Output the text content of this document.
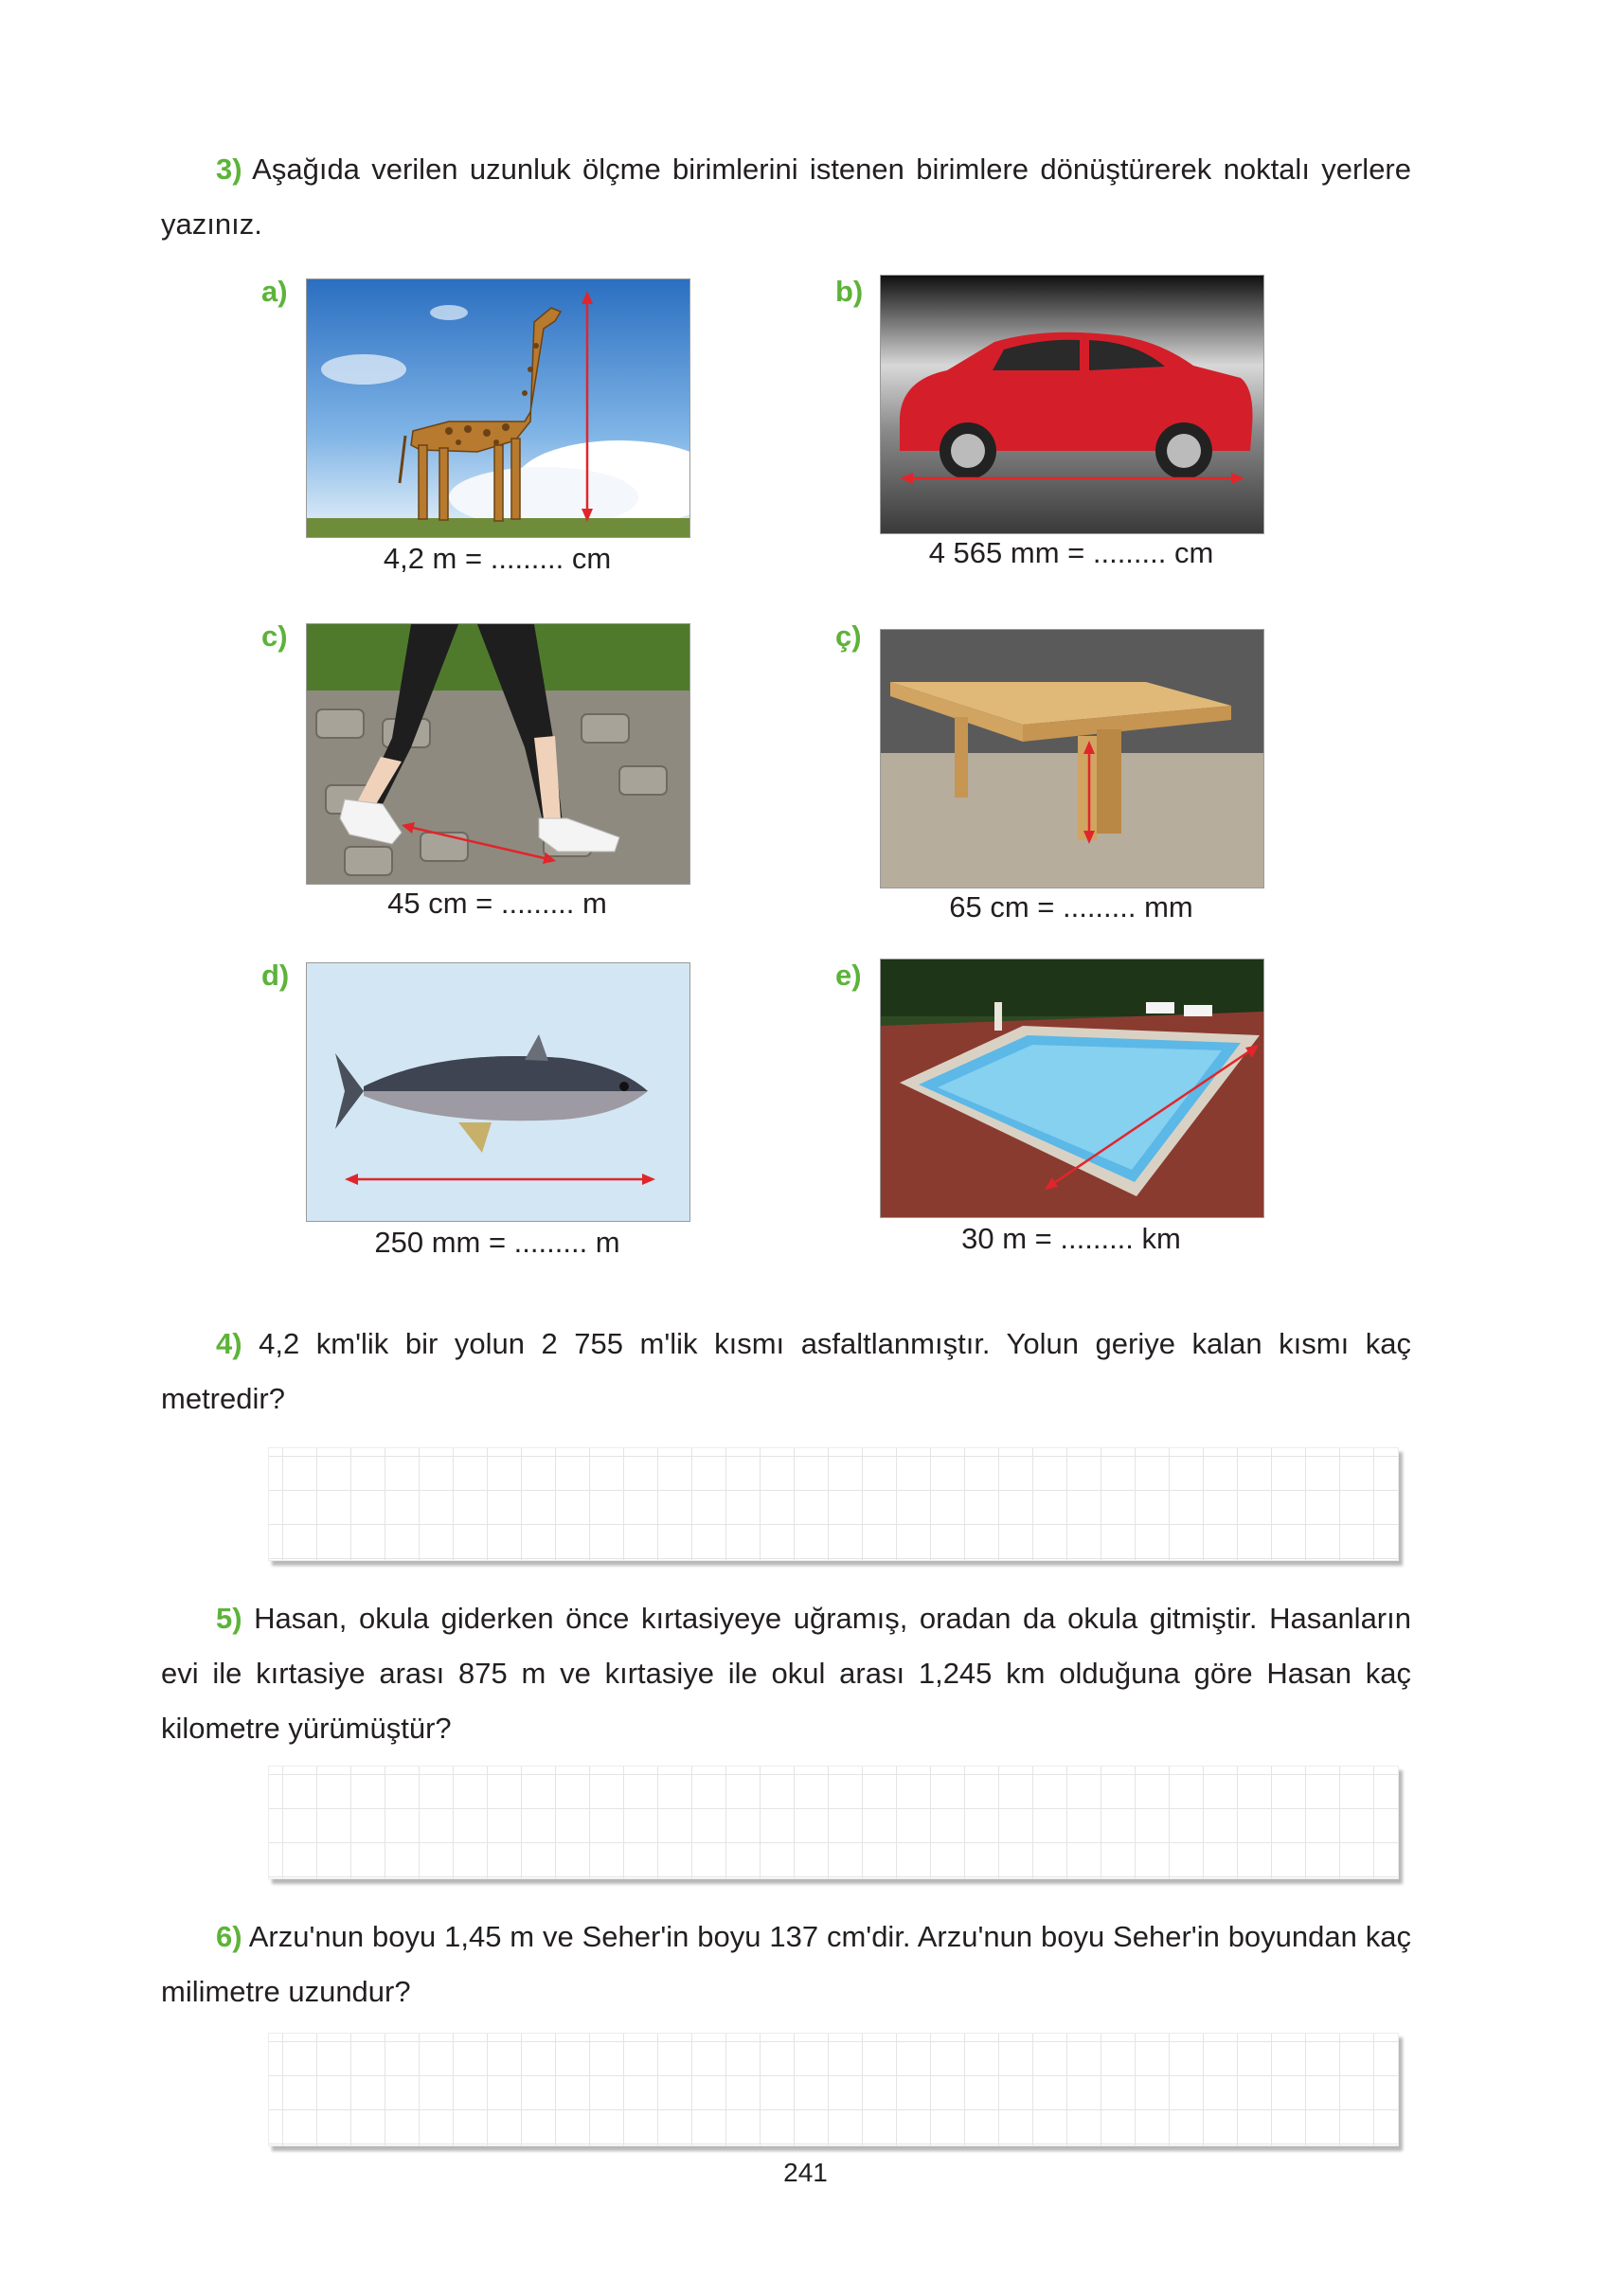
3) Aşağıda verilen uzunluk ölçme birimlerini istenen birimlere dönüştürerek noktalı yerlere yazınız.

a)
4,2 m = ......... cm
b)
4 565 mm = ......... cm
c)
45 cm = ......... m
ç)
65 cm = ......... mm
d)
250 mm = ......... m
e)
30 m = ......... km

4) 4,2 km'lik bir yolun 2 755 m'lik kısmı asfaltlanmıştır. Yolun geriye kalan kısmı kaç metredir?

5) Hasan, okula giderken önce kırtasiyeye uğramış, oradan da okula gitmiştir. Hasanların evi ile kırtasiye arası 875 m ve kırtasiye ile okul arası 1,245 km olduğuna göre Hasan kaç kilometre yürümüştür?

6) Arzu'nun boyu 1,45 m ve Seher'in boyu 137 cm'dir. Arzu'nun boyu Seher'in boyundan kaç milimetre uzundur?

241
